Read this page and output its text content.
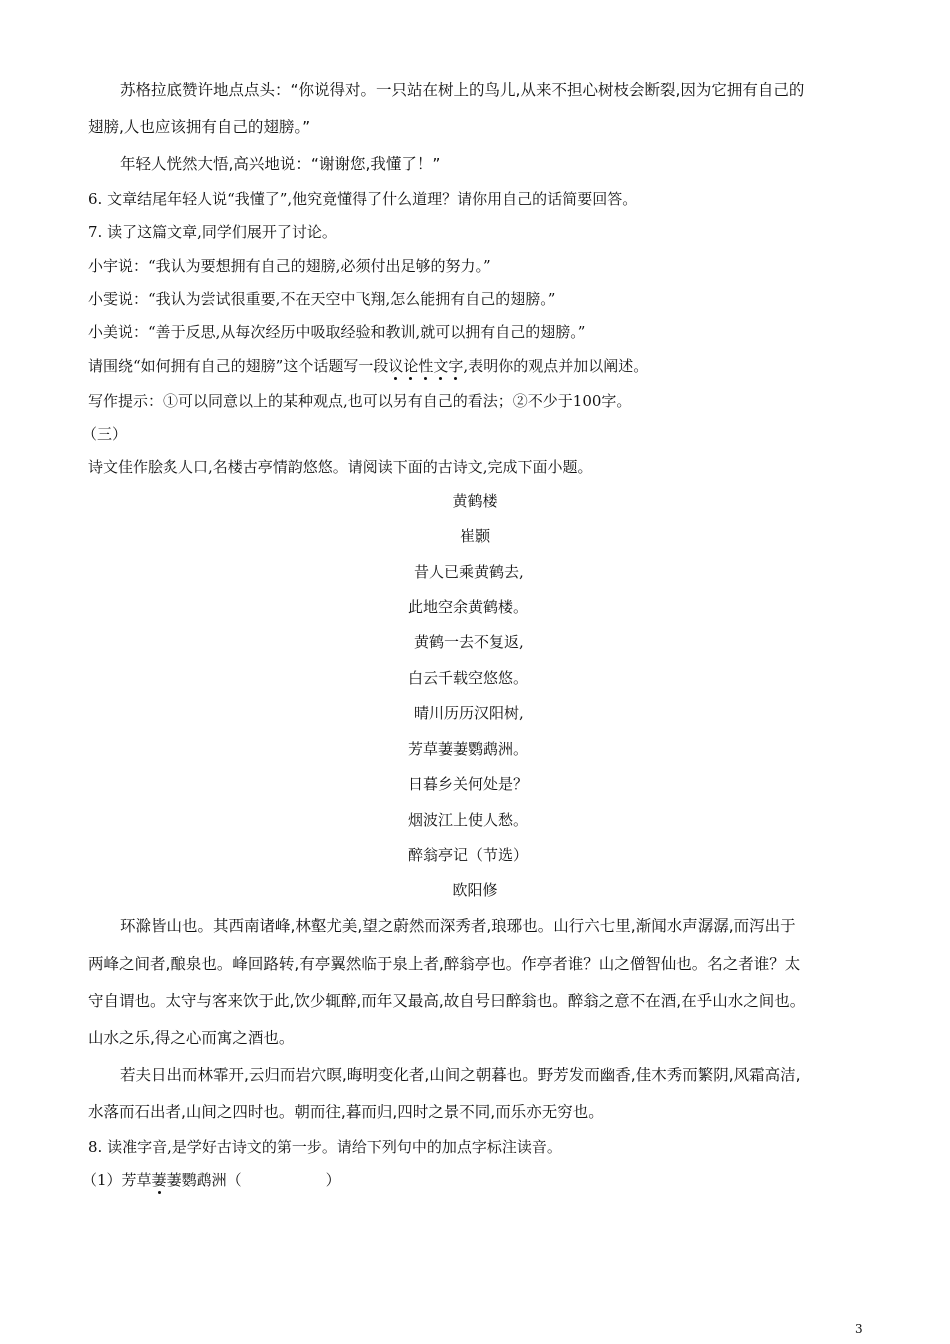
苏格拉底赞许地点点头：“你说得对。一只站在树上的鸟儿,从来不担心树枝会断裂,因为它拥有自己的
翅膀,人也应该拥有自己的翅膀。”
年轻人恍然大悟,高兴地说：“谢谢您,我懂了！”
6. 文章结尾年轻人说“我懂了”,他究竟懂得了什么道理？请你用自己的话简要回答。
7. 读了这篇文章,同学们展开了讨论。
小宇说：“我认为要想拥有自己的翅膀,必须付出足够的努力。”
小雯说：“我认为尝试很重要,不在天空中飞翔,怎么能拥有自己的翅膀。”
小美说：“善于反思,从每次经历中吸取经验和教训,就可以拥有自己的翅膀。”
请围绕“如何拥有自己的翅膀”这个话题写一段议论性文字,表明你的观点并加以阐述。
写作提示：①可以同意以上的某种观点,也可以另有自己的看法；②不少于100字。
（三）
诗文佳作脍炙人口,名楼古亭情韵悠悠。请阅读下面的古诗文,完成下面小题。
黄鹤楼
崔颢
昔人已乘黄鹤去,
此地空余黄鹤楼。
黄鹤一去不复返,
白云千载空悠悠。
晴川历历汉阳树,
芳草萋萋鹦鹉洲。
日暮乡关何处是？
烟波江上使人愁。
醉翁亭记（节选）
欧阳修
环滁皆山也。其西南诸峰,林壑尤美,望之蔚然而深秀者,琅琊也。山行六七里,渐闻水声潺潺,而泻出于
两峰之间者,酿泉也。峰回路转,有亭翼然临于泉上者,醉翁亭也。作亭者谁？山之僧智仙也。名之者谁？太
守自谓也。太守与客来饮于此,饮少辄醉,而年又最高,故自号曰醉翁也。醉翁之意不在酒,在乎山水之间也。
山水之乐,得之心而寓之酒也。
若夫日出而林霏开,云归而岩穴暝,晦明变化者,山间之朝暮也。野芳发而幽香,佳木秀而繁阴,风霜高洁,
水落而石出者,山间之四时也。朝而往,暮而归,四时之景不同,而乐亦无穷也。
8. 读准字音,是学好古诗文的第一步。请给下列句中的加点字标注读音。
（1）芳草萋萋鹦鹉洲（	）
3
